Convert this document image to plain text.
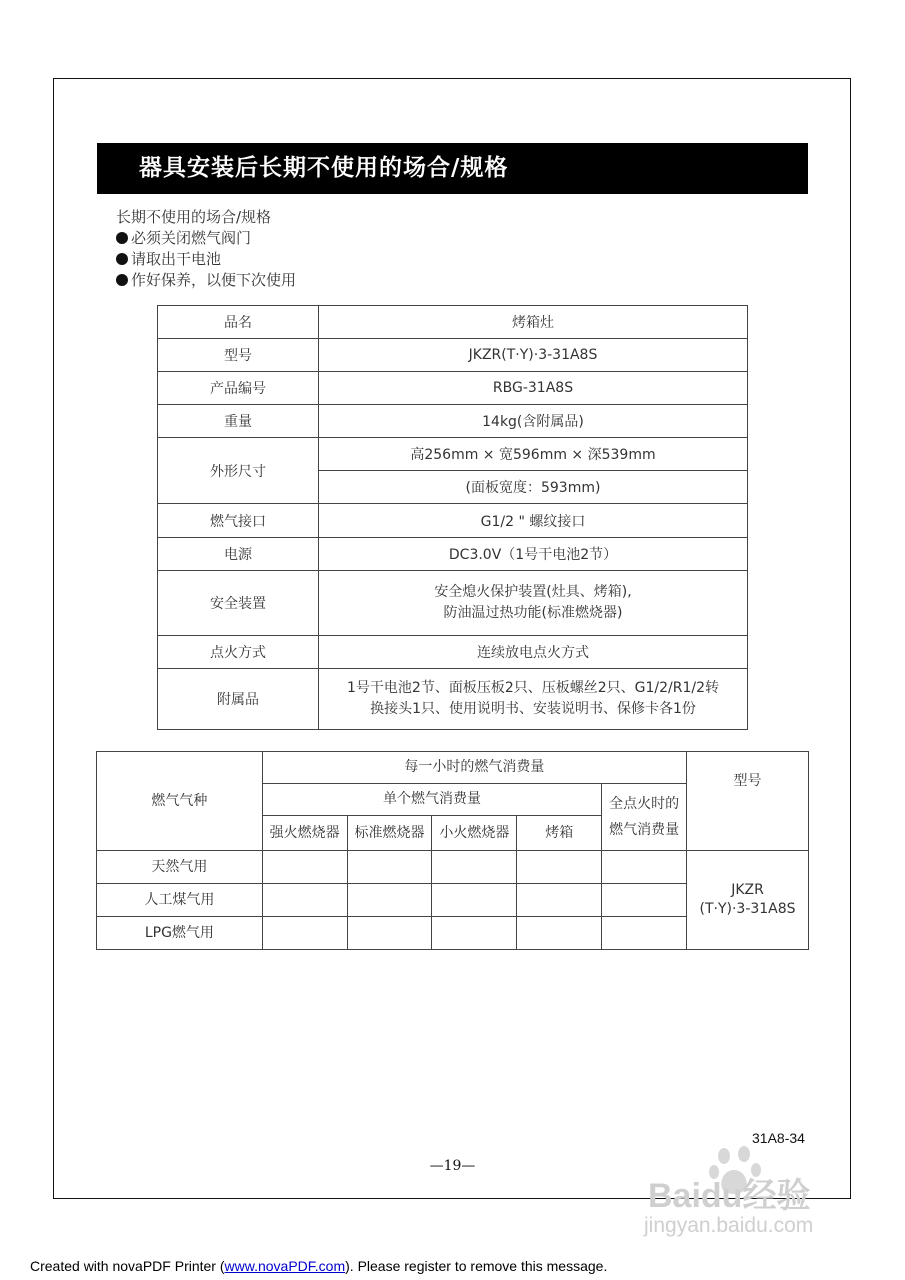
器具安装后长期不使用的场合/规格
长期不使用的场合/规格
必须关闭燃气阀门
请取出干电池
作好保养，以便下次使用
品名	烤箱灶
型号	JKZR(T·Y)·3-31A8S
产品编号	RBG-31A8S
重量	14kg(含附属品)
外形尺寸	高256mm × 宽596mm × 深539mm
	(面板宽度：593mm)
燃气接口	G1/2 " 螺纹接口
电源	DC3.0V（1号干电池2节）
安全装置	安全熄火保护装置(灶具、烤箱),
防油温过热功能(标准燃烧器)

点火方式	连续放电点火方式
附属品	1号干电池2节、面板压板2只、压板螺丝2只、G1/2/R1/2转
换接头1只、使用说明书、安装说明书、保修卡各1份
燃气气种	每一小时的燃气消费量					型号
	单个燃气消费量				全点火时的
燃气消费量	

	强火燃烧器	标准燃烧器	小火燃烧器	烤箱		
天然气用						JKZR
(T·Y)·3-31A8S

人工煤气用						
LPG燃气用						
31A8-34
—19—
Baidu经验
jingyan.baidu.com
Created with novaPDF Printer (www.novaPDF.com). Please register to remove this message.
